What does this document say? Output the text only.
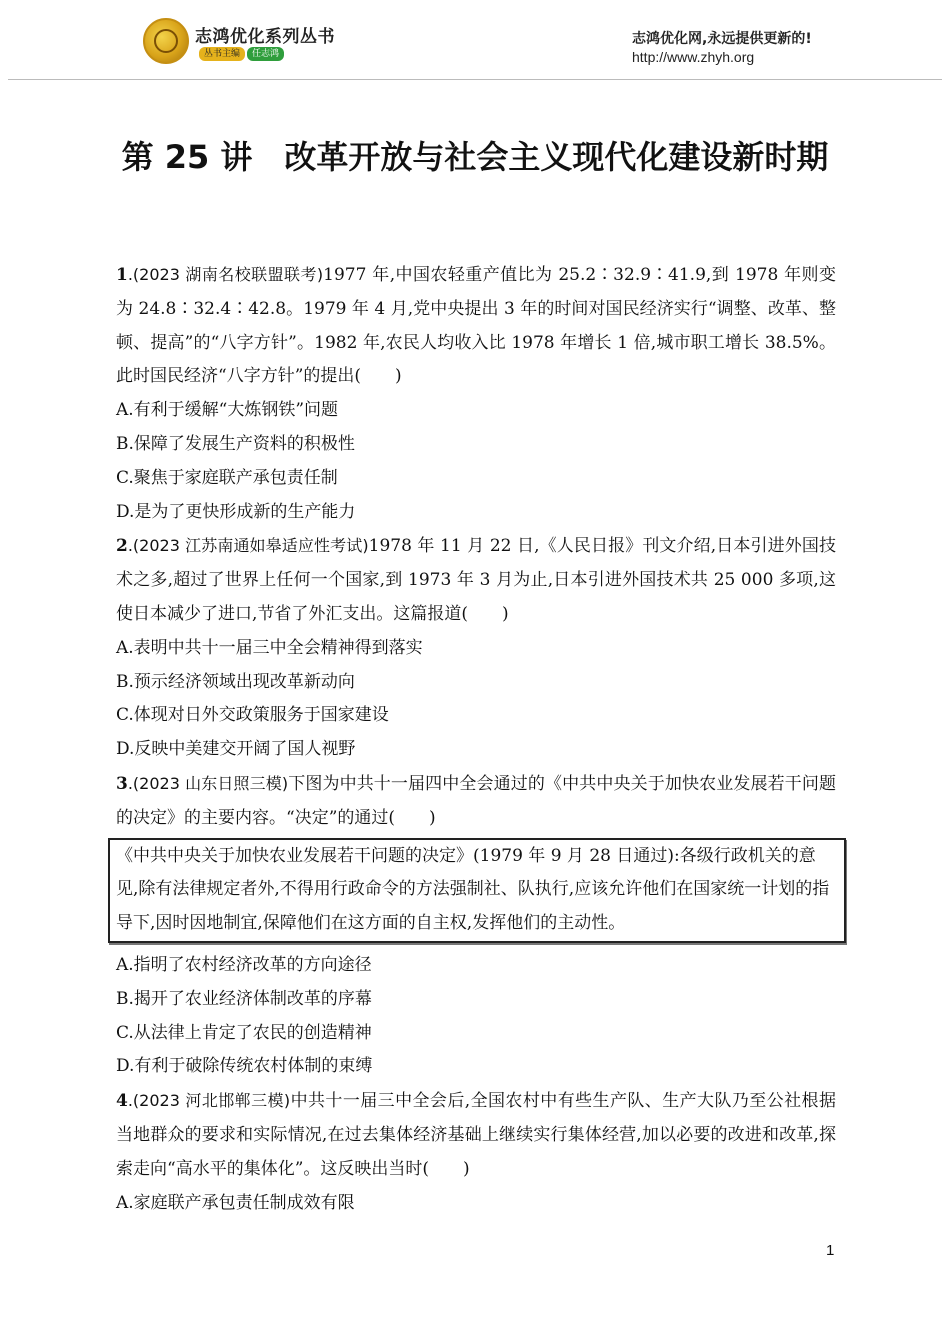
志鸿优化系列丛书
丛书主编 任志鸿
志鸿优化网,永远提供更新的!
http://www.zhyh.org
第 25 讲　改革开放与社会主义现代化建设新时期

1.(2023 湖南名校联盟联考)1977 年,中国农轻重产值比为 25.2∶32.9∶41.9,到 1978 年则变为 24.8∶32.4∶42.8。1979 年 4 月,党中央提出 3 年的时间对国民经济实行“调整、改革、整顿、提高”的“八字方针”。1982 年,农民人均收入比 1978 年增长 1 倍,城市职工增长 38.5%。此时国民经济“八字方针”的提出(　　)

A.有利于缓解“大炼钢铁”问题

B.保障了发展生产资料的积极性

C.聚焦于家庭联产承包责任制

D.是为了更快形成新的生产能力

2.(2023 江苏南通如皋适应性考试)1978 年 11 月 22 日,《人民日报》刊文介绍,日本引进外国技术之多,超过了世界上任何一个国家,到 1973 年 3 月为止,日本引进外国技术共 25 000 多项,这使日本减少了进口,节省了外汇支出。这篇报道(　　)

A.表明中共十一届三中全会精神得到落实

B.预示经济领域出现改革新动向

C.体现对日外交政策服务于国家建设

D.反映中美建交开阔了国人视野

3.(2023 山东日照三模)下图为中共十一届四中全会通过的《中共中央关于加快农业发展若干问题的决定》的主要内容。“决定”的通过(　　)

《中共中央关于加快农业发展若干问题的决定》(1979 年 9 月 28 日通过):各级行政机关的意见,除有法律规定者外,不得用行政命令的方法强制社、队执行,应该允许他们在国家统一计划的指导下,因时因地制宜,保障他们在这方面的自主权,发挥他们的主动性。

A.指明了农村经济改革的方向途径

B.揭开了农业经济体制改革的序幕

C.从法律上肯定了农民的创造精神

D.有利于破除传统农村体制的束缚

4.(2023 河北邯郸三模)中共十一届三中全会后,全国农村中有些生产队、生产大队乃至公社根据当地群众的要求和实际情况,在过去集体经济基础上继续实行集体经营,加以必要的改进和改革,探索走向“高水平的集体化”。这反映出当时(　　)

A.家庭联产承包责任制成效有限

1
